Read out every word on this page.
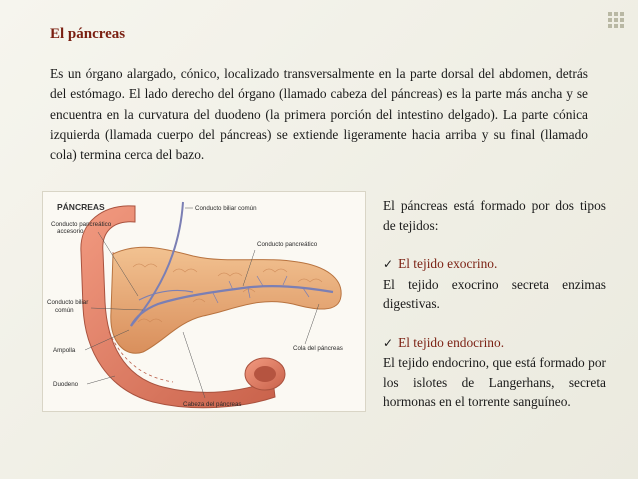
El páncreas
Es un órgano alargado, cónico, localizado transversalmente en la parte dorsal del abdomen, detrás del estómago. El lado derecho del órgano (llamado cabeza del páncreas) es la parte más ancha y se encuentra en la curvatura del duodeno (la primera porción del intestino delgado). La parte cónica izquierda (llamada cuerpo del páncreas) se extiende ligeramente hacia arriba y su final (llamado cola) termina cerca del bazo.
PÁNCREAS
Conducto pancreático
accesorio
Conducto biliar común
Conducto pancreático
Conducto biliar
común
Ampolla
Duodeno
Cola del páncreas
Cabeza del páncreas

El páncreas está formado por dos tipos de tejidos:

✓ El tejido exocrino.

El tejido exocrino secreta enzimas digestivas.

✓ El tejido endocrino.

El tejido endocrino, que está formado por los islotes de Langerhans, secreta hormonas en el torrente sanguíneo.
